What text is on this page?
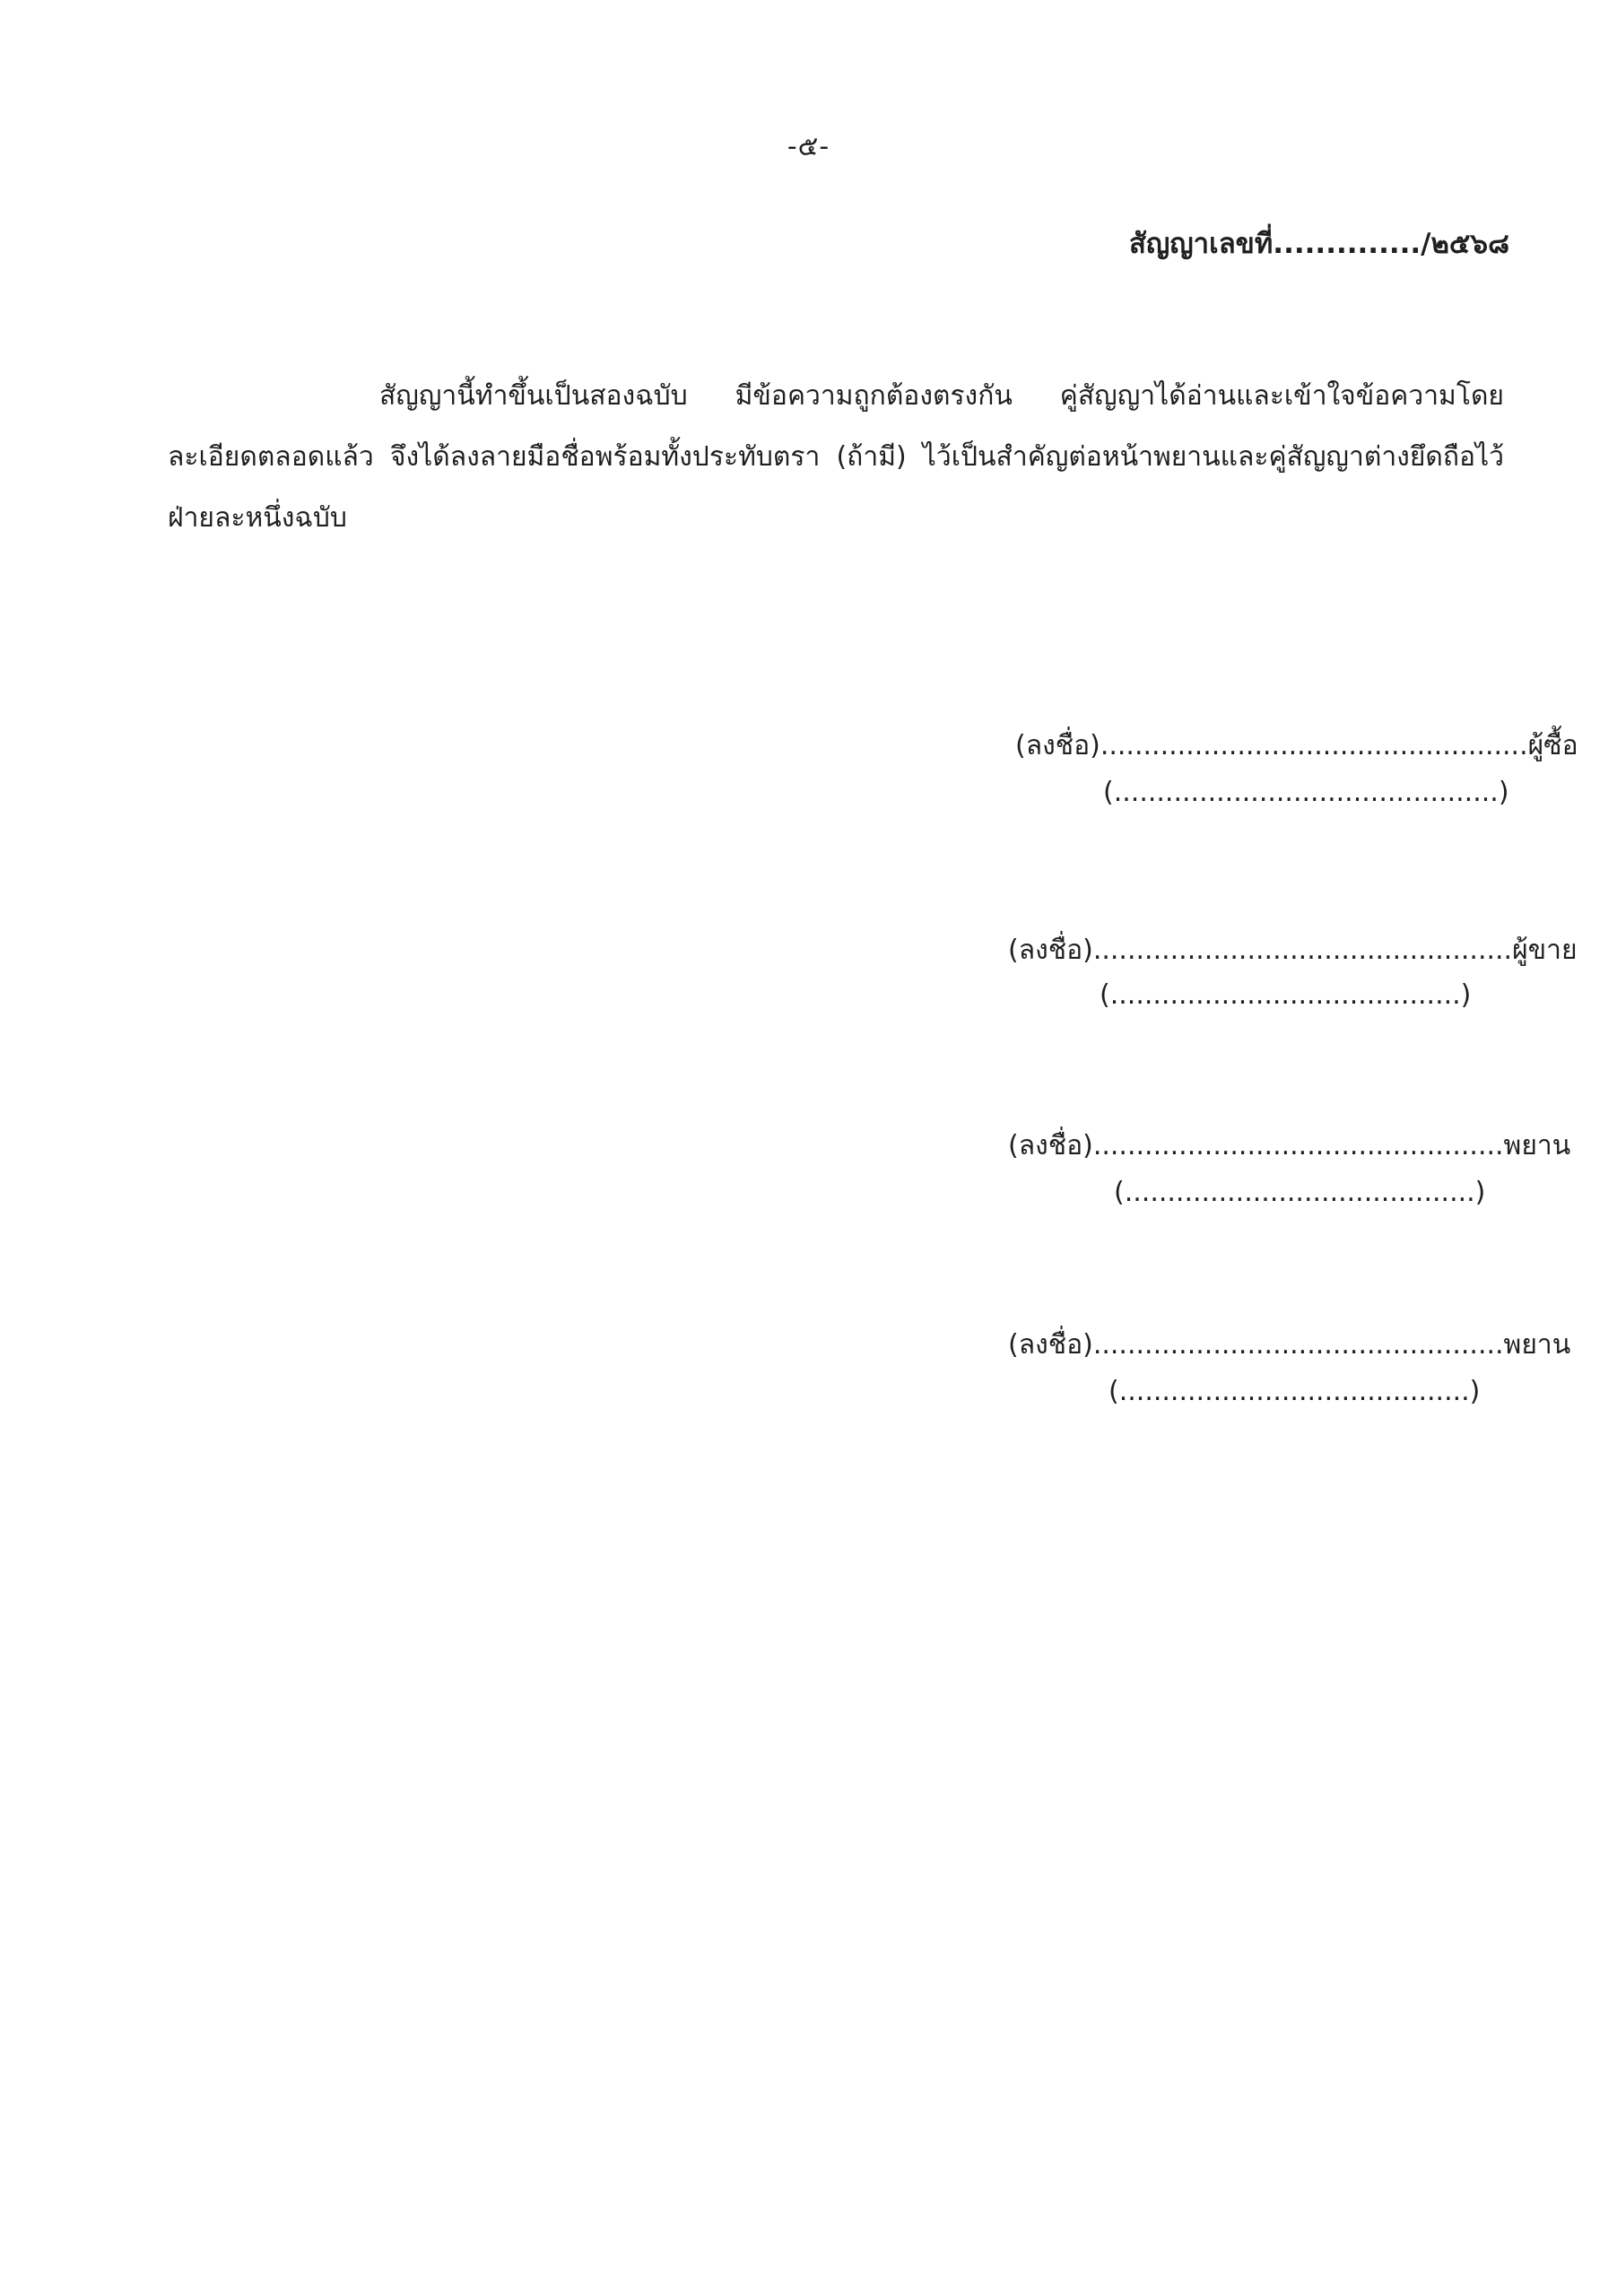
-๕-
สัญญาเลขที่............../๒๕๖๘

สัญญานี้ทำขึ้นเป็นสองฉบับ มีข้อความถูกต้องตรงกัน คู่สัญญาได้อ่านและเข้าใจข้อความโดยละเอียดตลอดแล้ว จึงได้ลงลายมือชื่อพร้อมทั้งประทับตรา (ถ้ามี) ไว้เป็นสำคัญต่อหน้าพยานและคู่สัญญาต่างยึดถือไว้ฝ่ายละหนึ่งฉบับ

(ลงชื่อ)..................................................ผู้ซื้อ
(.............................................)
(ลงชื่อ).................................................ผู้ขาย
(.........................................)
(ลงชื่อ)................................................พยาน
(.........................................)
(ลงชื่อ)................................................พยาน
(.........................................)
